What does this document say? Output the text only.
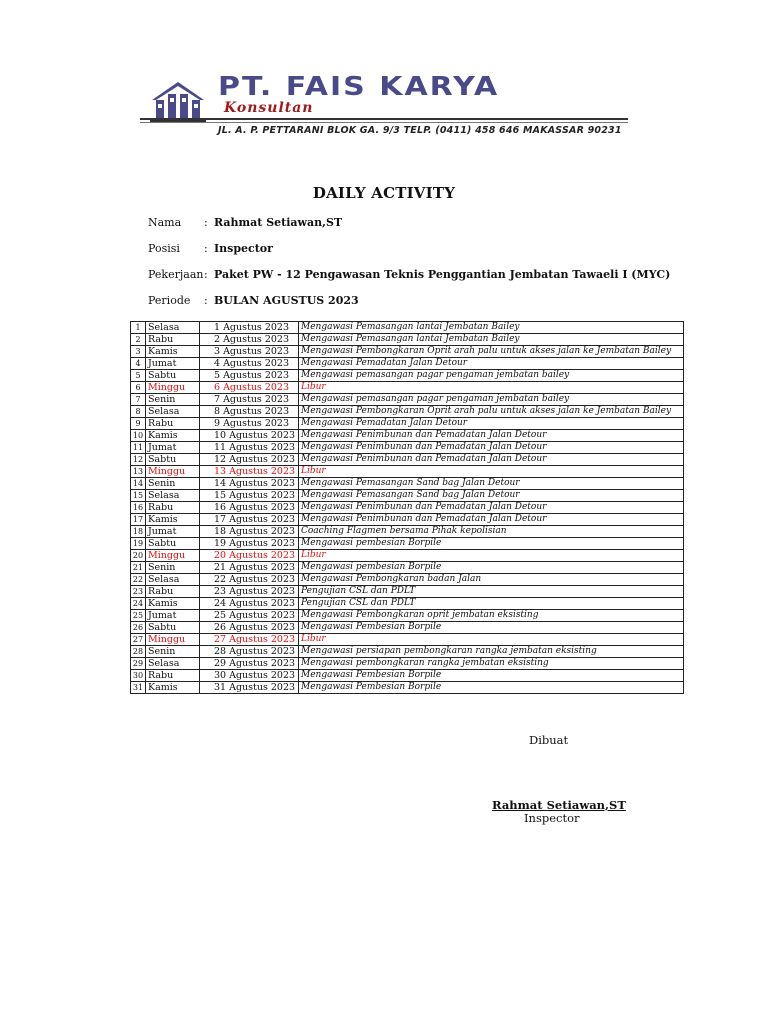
PT. FAIS KARYA
Konsultan
JL. A. P. PETTARANI BLOK GA. 9/3 TELP. (0411) 458 646 MAKASSAR 90231
DAILY ACTIVITY
Nama : Rahmat Setiawan,ST
Posisi : Inspector
Pekerjaan: Paket PW - 12 Pengawasan Teknis Penggantian Jembatan Tawaeli I (MYC)
Periode : BULAN AGUSTUS 2023
1	Selasa	1 Agustus 2023	Mengawasi Pemasangan lantai Jembatan Bailey
2	Rabu	2 Agustus 2023	Mengawasi Pemasangan lantai Jembatan Bailey
3	Kamis	3 Agustus 2023	Mengawasi Pembongkaran Oprit arah palu untuk akses jalan ke Jembatan Bailey
4	Jumat	4 Agustus 2023	Mengawasi Pemadatan Jalan Detour
5	Sabtu	5 Agustus 2023	Mengawasi pemasangan pagar pengaman jembatan bailey
6	Minggu	6 Agustus 2023	Libur
7	Senin	7 Agustus 2023	Mengawasi pemasangan pagar pengaman jembatan bailey
8	Selasa	8 Agustus 2023	Mengawasi Pembongkaran Oprit arah palu untuk akses jalan ke Jembatan Bailey
9	Rabu	9 Agustus 2023	Mengawasi Pemadatan Jalan Detour
10	Kamis	10 Agustus 2023	Mengawasi Penimbunan dan Pemadatan Jalan Detour
11	Jumat	11 Agustus 2023	Mengawasi Penimbunan dan Pemadatan Jalan Detour
12	Sabtu	12 Agustus 2023	Mengawasi Penimbunan dan Pemadatan Jalan Detour
13	Minggu	13 Agustus 2023	Libur
14	Senin	14 Agustus 2023	Mengawasi Pemasangan Sand bag Jalan Detour
15	Selasa	15 Agustus 2023	Mengawasi Pemasangan Sand bag Jalan Detour
16	Rabu	16 Agustus 2023	Mengawasi Penimbunan dan Pemadatan Jalan Detour
17	Kamis	17 Agustus 2023	Mengawasi Penimbunan dan Pemadatan Jalan Detour
18	Jumat	18 Agustus 2023	Coaching Flagmen bersama Pihak kepolisian
19	Sabtu	19 Agustus 2023	Mengawasi pembesian Borpile
20	Minggu	20 Agustus 2023	Libur
21	Senin	21 Agustus 2023	Mengawasi pembesian Borpile
22	Selasa	22 Agustus 2023	Mengawasi Pembongkaran badan Jalan
23	Rabu	23 Agustus 2023	Pengujian CSL dan PDLT
24	Kamis	24 Agustus 2023	Pengujian CSL dan PDLT
25	Jumat	25 Agustus 2023	Mengawasi Pembongkaran oprit jembatan eksisting
26	Sabtu	26 Agustus 2023	Mengawasi Pembesian Borpile
27	Minggu	27 Agustus 2023	Libur
28	Senin	28 Agustus 2023	Mengawasi persiapan pembongkaran rangka jembatan eksisting
29	Selasa	29 Agustus 2023	Mengawasi pembongkaran rangka jembatan eksisting
30	Rabu	30 Agustus 2023	Mengawasi Pembesian Borpile
31	Kamis	31 Agustus 2023	Mengawasi Pembesian Borpile
Dibuat
Rahmat Setiawan,ST
Inspector
